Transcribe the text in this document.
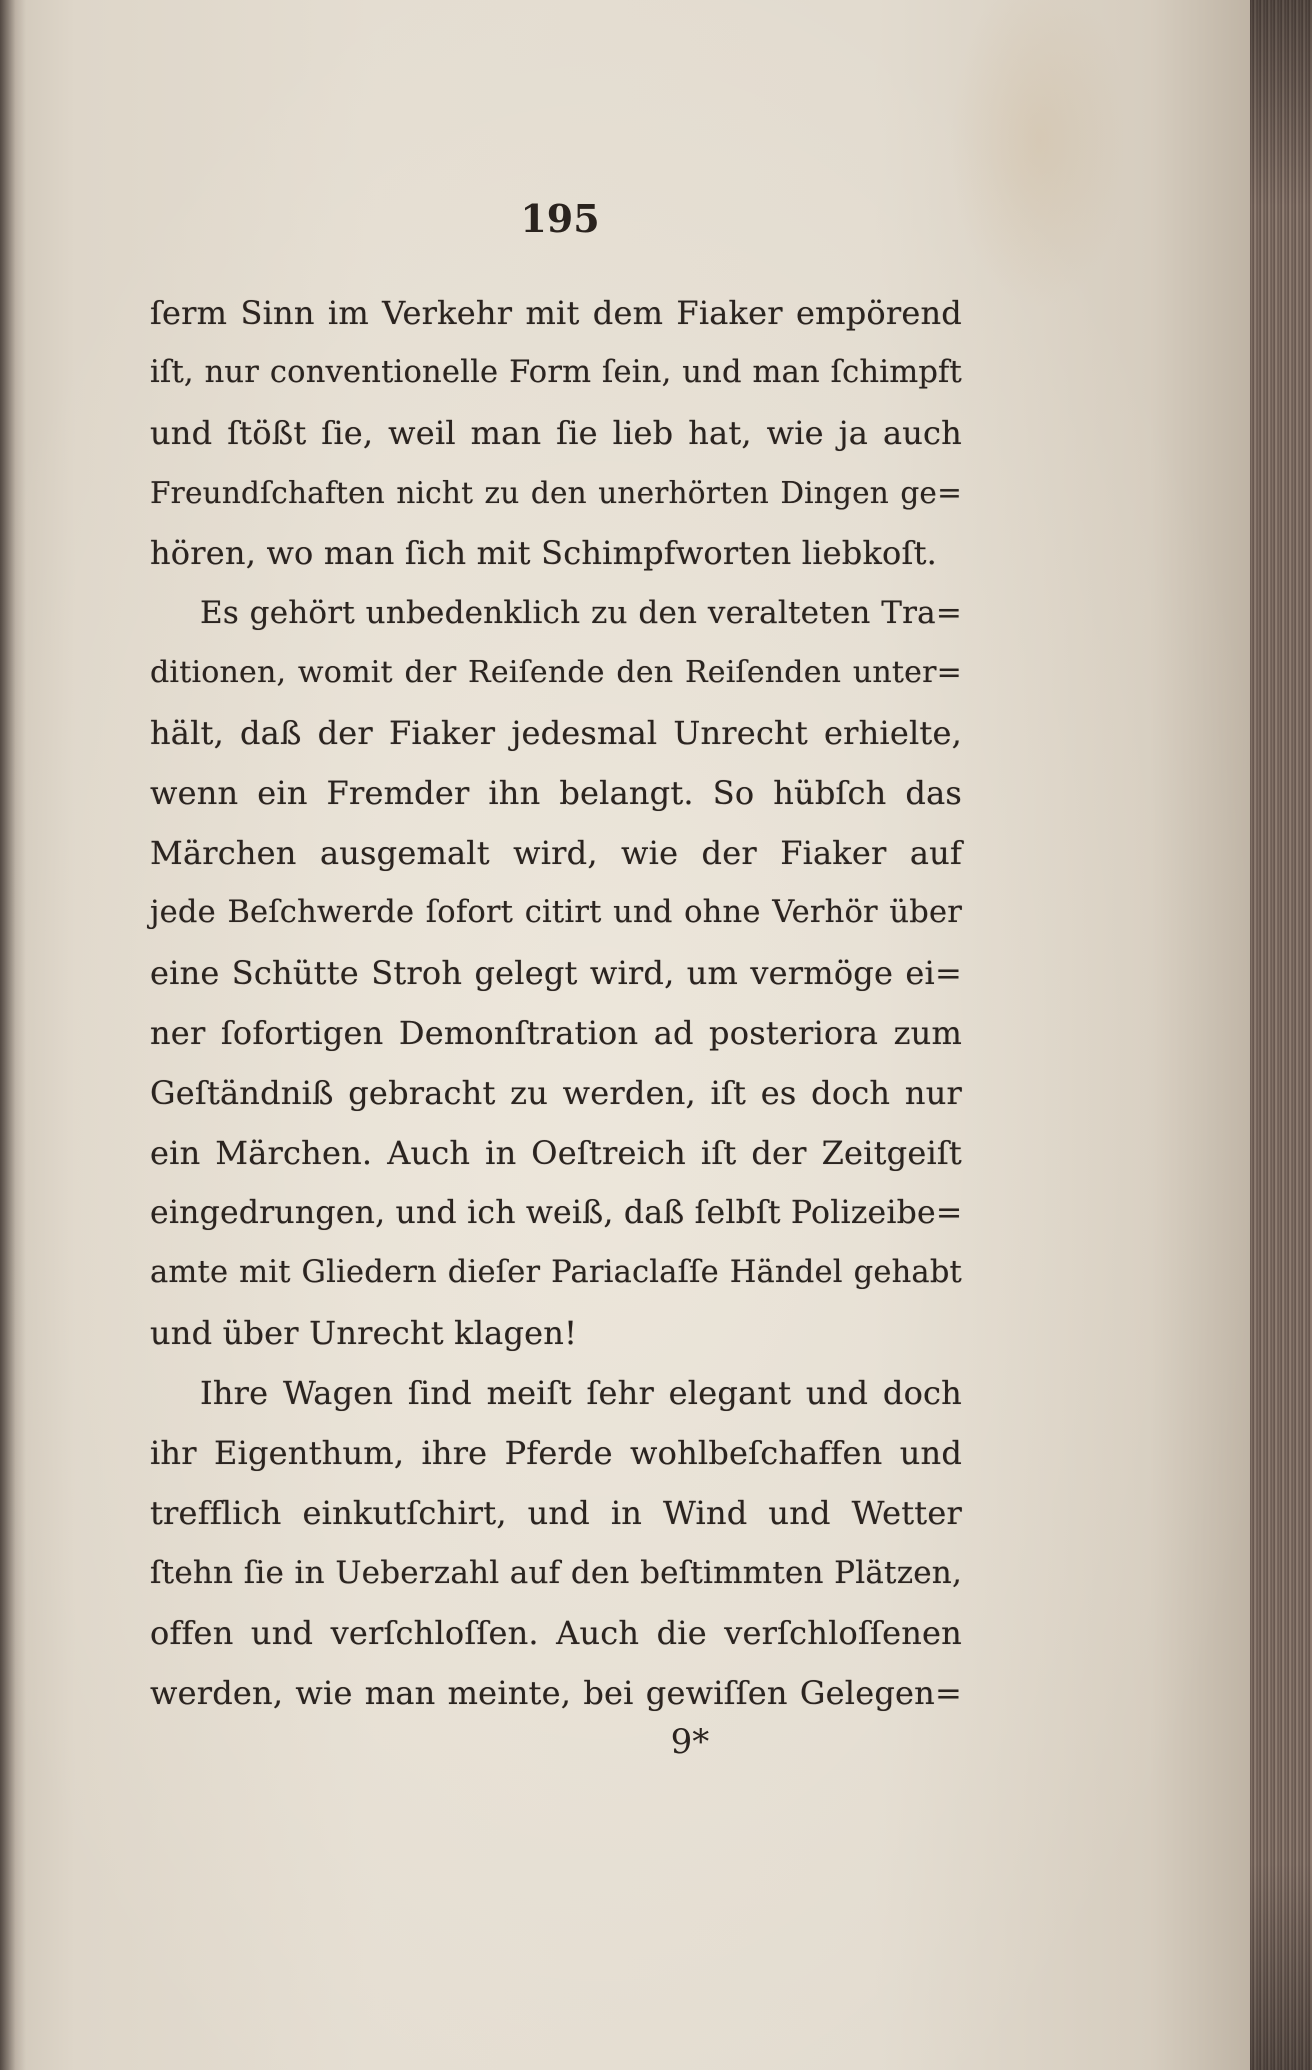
195
ſerm Sinn im Verkehr mit dem Fiaker empörend
iſt, nur conventionelle Form ſein, und man ſchimpft
und ſtößt ſie, weil man ſie lieb hat, wie ja auch
Freundſchaften nicht zu den unerhörten Dingen ge=
hören, wo man ſich mit Schimpfworten liebkoſt.
Es gehört unbedenklich zu den veralteten Tra=
ditionen, womit der Reiſende den Reiſenden unter=
hält, daß der Fiaker jedesmal Unrecht erhielte,
wenn ein Fremder ihn belangt. So hübſch das
Märchen ausgemalt wird, wie der Fiaker auf
jede Beſchwerde ſofort citirt und ohne Verhör über
eine Schütte Stroh gelegt wird, um vermöge ei=
ner ſofortigen Demonſtration ad posteriora zum
Geſtändniß gebracht zu werden, iſt es doch nur
ein Märchen. Auch in Oeſtreich iſt der Zeitgeiſt
eingedrungen, und ich weiß, daß ſelbſt Polizeibe=
amte mit Gliedern dieſer Pariaclaſſe Händel gehabt
und über Unrecht klagen!
Ihre Wagen ſind meiſt ſehr elegant und doch
ihr Eigenthum, ihre Pferde wohlbeſchaffen und
trefflich einkutſchirt, und in Wind und Wetter
ſtehn ſie in Ueberzahl auf den beſtimmten Plätzen,
offen und verſchloſſen. Auch die verſchloſſenen
werden, wie man meinte, bei gewiſſen Gelegen=
9*
